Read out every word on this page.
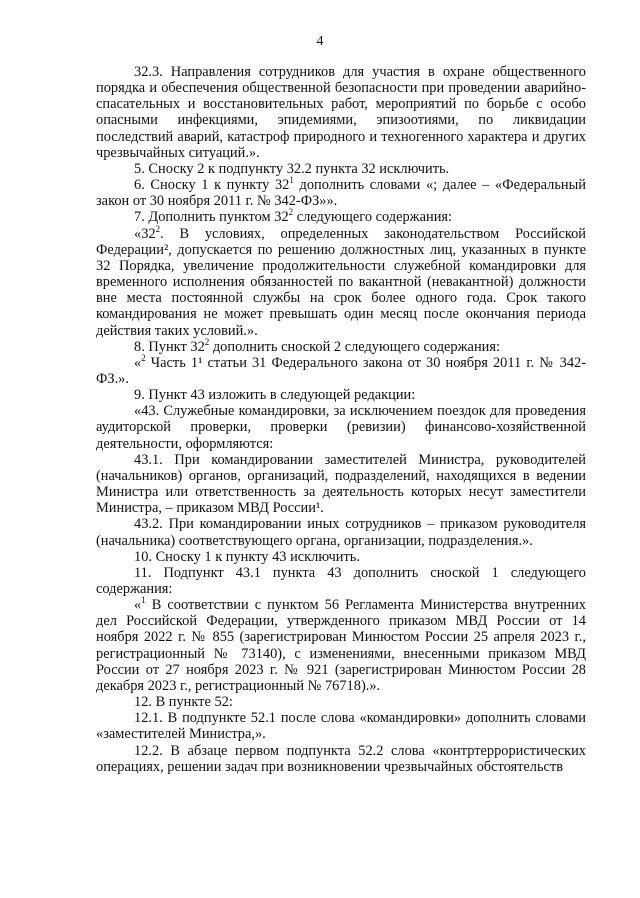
4

32.3. Направления сотрудников для участия в охране общественного порядка и обеспечения общественной безопасности при проведении аварийно-спасательных и восстановительных работ, мероприятий по борьбе с особо опасными инфекциями, эпидемиями, эпизоотиями, по ликвидации последствий аварий, катастроф природного и техногенного характера и других чрезвычайных ситуаций.».

5. Сноску 2 к подпункту 32.2 пункта 32 исключить.

6. Сноску 1 к пункту $32^1$ дополнить словами «; далее – «Федеральный закон от 30 ноября 2011 г. № 342-ФЗ»».

7. Дополнить пунктом $32^2$ следующего содержания:

«$32^2$. В условиях, определенных законодательством Российской Федерации², допускается по решению должностных лиц, указанных в пункте 32 Порядка, увеличение продолжительности служебной командировки для временного исполнения обязанностей по вакантной (невакантной) должности вне места постоянной службы на срок более одного года. Срок такого командирования не может превышать один месяц после окончания периода действия таких условий.».

8. Пункт $32^2$ дополнить сноской 2 следующего содержания:

«$^2$ Часть 1¹ статьи 31 Федерального закона от 30 ноября 2011 г. № 342-ФЗ.».

9. Пункт 43 изложить в следующей редакции:

«43. Служебные командировки, за исключением поездок для проведения аудиторской проверки, проверки (ревизии) финансово-хозяйственной деятельности, оформляются:

43.1. При командировании заместителей Министра, руководителей (начальников) органов, организаций, подразделений, находящихся в ведении Министра или ответственность за деятельность которых несут заместители Министра, – приказом МВД России¹.

43.2. При командировании иных сотрудников – приказом руководителя (начальника) соответствующего органа, организации, подразделения.».

10. Сноску 1 к пункту 43 исключить.

11. Подпункт 43.1 пункта 43 дополнить сноской 1 следующего содержания:

«$^1$ В соответствии с пунктом 56 Регламента Министерства внутренних дел Российской Федерации, утвержденного приказом МВД России от 14 ноября 2022 г. № 855 (зарегистрирован Минюстом России 25 апреля 2023 г., регистрационный № 73140), с изменениями, внесенными приказом МВД России от 27 ноября 2023 г. № 921 (зарегистрирован Минюстом России 28 декабря 2023 г., регистрационный № 76718).».

12. В пункте 52:

12.1. В подпункте 52.1 после слова «командировки» дополнить словами «заместителей Министра,».

12.2. В абзаце первом подпункта 52.2 слова «контртеррористических операциях, решении задач при возникновении чрезвычайных обстоятельств
